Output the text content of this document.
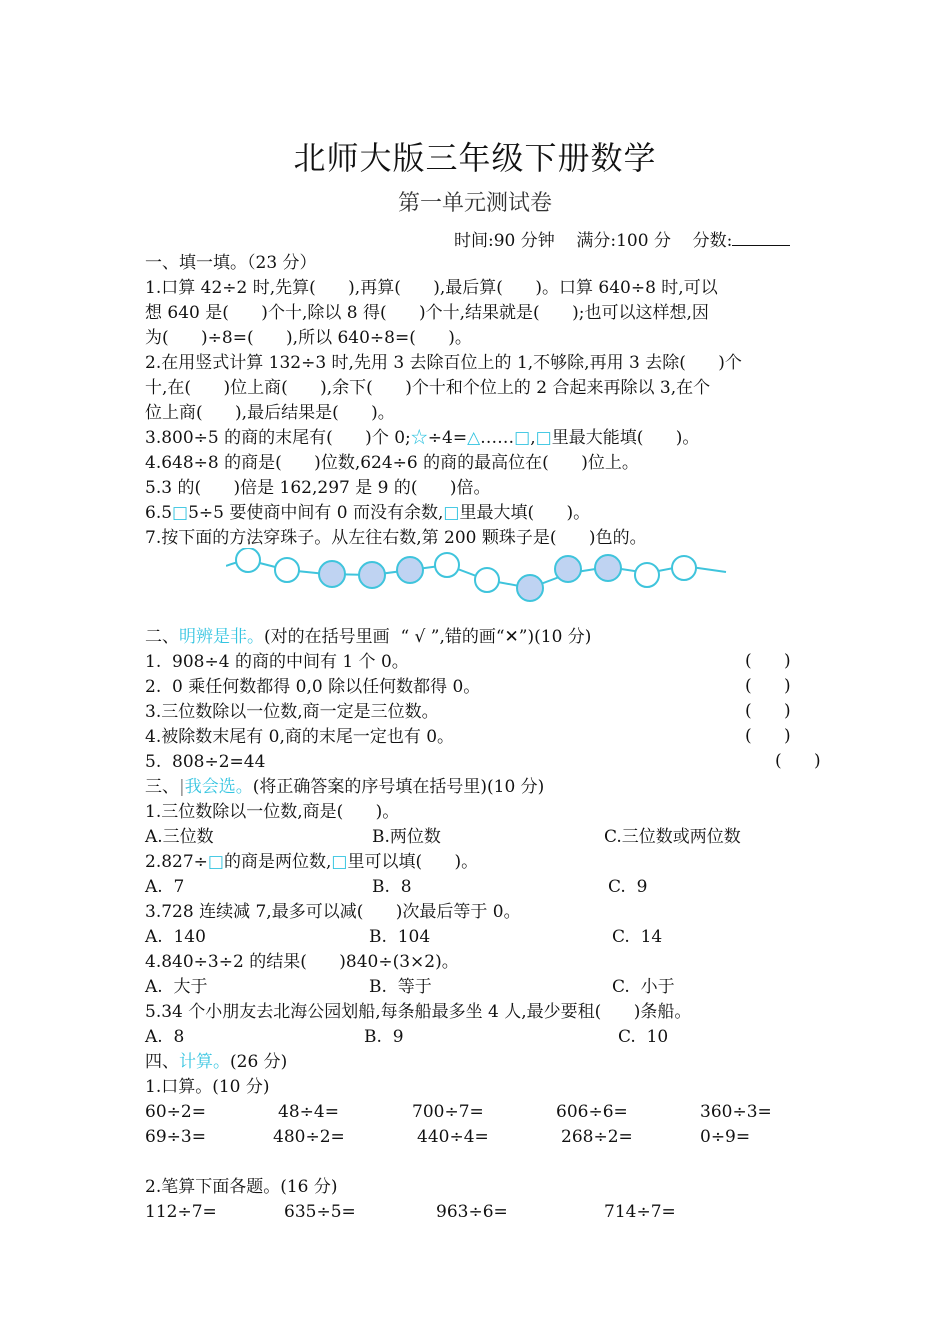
北师大版三年级下册数学
第一单元测试卷
时间:90 分钟    满分:100 分    分数:
一、填一填。（23 分）
1.口算 42÷2 时,先算(      ),再算(      ),最后算(      )。口算 640÷8 时,可以
想 640 是(      )个十,除以 8 得(      )个十,结果就是(      );也可以这样想,因
为(      )÷8=(      ),所以 640÷8=(      )。
2.在用竖式计算 132÷3 时,先用 3 去除百位上的 1,不够除,再用 3 去除(      )个
十,在(      )位上商(      ),余下(      )个十和个位上的 2 合起来再除以 3,在个
位上商(      ),最后结果是(      )。
3.800÷5 的商的末尾有(      )个 0;☆÷4=△……□,□里最大能填(      )。
4.648÷8 的商是(      )位数,624÷6 的商的最高位在(      )位上。
5.3 的(      )倍是 162,297 是 9 的(      )倍。
6.5□5÷5 要使商中间有 0 而没有余数,□里最大填(      )。
7.按下面的方法穿珠子。从左往右数,第 200 颗珠子是(      )色的。
二、明辨是非。(对的在括号里画  “ √ ”,错的画“✕”)(10 分)
1.  908÷4 的商的中间有 1 个 0。	(      )
2.  0 乘任何数都得 0,0 除以任何数都得 0。	(      )
3.三位数除以一位数,商一定是三位数。	(      )
4.被除数末尾有 0,商的末尾一定也有 0。	(      )
5.  808÷2=44	(      )
三、|我会选。(将正确答案的序号填在括号里)(10 分)
1.三位数除以一位数,商是(      )。
A.三位数	B.两位数	C.三位数或两位数
2.827÷□的商是两位数,□里可以填(      )。
A.  7	B.  8	C.  9
3.728 连续减 7,最多可以减(      )次最后等于 0。
A.  140	B.  104	C.  14
4.840÷3÷2 的结果(      )840÷(3×2)。
A.  大于	B.  等于	C.  小于
5.34 个小朋友去北海公园划船,每条船最多坐 4 人,最少要租(      )条船。
A.  8	B.  9	C.  10
四、计算。(26 分)
1.口算。(10 分)
60÷2=	48÷4=	700÷7=	606÷6=	360÷3=
69÷3=	480÷2=	440÷4=	268÷2=	0÷9=
2.笔算下面各题。(16 分)
112÷7=	635÷5=	963÷6=	714÷7=
